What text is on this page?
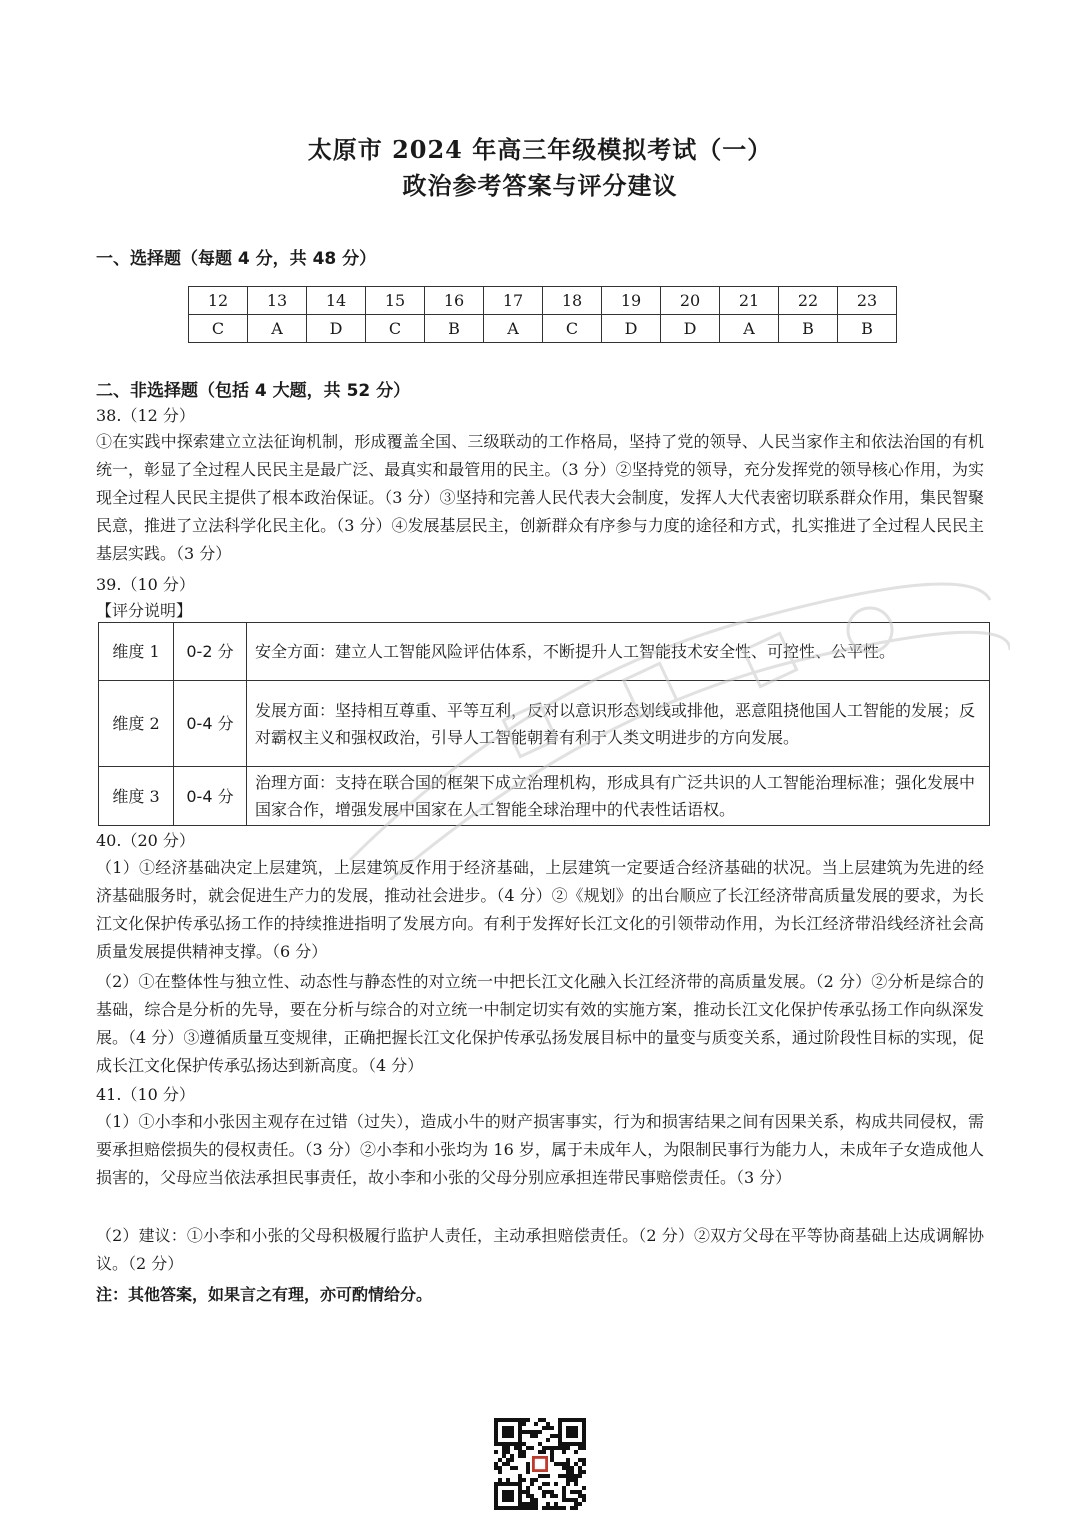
太原市 2024 年高三年级模拟考试（一）
政治参考答案与评分建议
一、选择题（每题 4 分，共 48 分）
12	13	14	15	16	17	18	19	20	21	22	23
C	A	D	C	B	A	C	D	D	A	B	B
二、非选择题（包括 4 大题，共 52 分）
38.（12 分）

①在实践中探索建立立法征询机制，形成覆盖全国、三级联动的工作格局，坚持了党的领导、人民当家作主和依法治国的有机统一，彰显了全过程人民民主是最广泛、最真实和最管用的民主。（3 分）②坚持党的领导，充分发挥党的领导核心作用，为实现全过程人民民主提供了根本政治保证。（3 分）③坚持和完善人民代表大会制度，发挥人大代表密切联系群众作用，集民智聚民意，推进了立法科学化民主化。（3 分）④发展基层民主，创新群众有序参与力度的途径和方式，扎实推进了全过程人民民主基层实践。（3 分）

39.（10 分）
【评分说明】
维度 1	0-2 分	安全方面：建立人工智能风险评估体系，不断提升人工智能技术安全性、可控性、公平性。
维度 2	0-4 分	发展方面：坚持相互尊重、平等互利，反对以意识形态划线或排他，恶意阻挠他国人工智能的发展；反对霸权主义和强权政治，引导人工智能朝着有利于人类文明进步的方向发展。
维度 3	0-4 分	治理方面：支持在联合国的框架下成立治理机构，形成具有广泛共识的人工智能治理标准；强化发展中国家合作，增强发展中国家在人工智能全球治理中的代表性话语权。
40.（20 分）

（1）①经济基础决定上层建筑，上层建筑反作用于经济基础，上层建筑一定要适合经济基础的状况。当上层建筑为先进的经济基础服务时，就会促进生产力的发展，推动社会进步。（4 分）②《规划》的出台顺应了长江经济带高质量发展的要求，为长江文化保护传承弘扬工作的持续推进指明了发展方向。有利于发挥好长江文化的引领带动作用，为长江经济带沿线经济社会高质量发展提供精神支撑。（6 分）

（2）①在整体性与独立性、动态性与静态性的对立统一中把长江文化融入长江经济带的高质量发展。（2 分）②分析是综合的基础，综合是分析的先导，要在分析与综合的对立统一中制定切实有效的实施方案，推动长江文化保护传承弘扬工作向纵深发展。（4 分）③遵循质量互变规律，正确把握长江文化保护传承弘扬发展目标中的量变与质变关系，通过阶段性目标的实现，促成长江文化保护传承弘扬达到新高度。（4 分）

41.（10 分）

（1）①小李和小张因主观存在过错（过失），造成小牛的财产损害事实，行为和损害结果之间有因果关系，构成共同侵权，需要承担赔偿损失的侵权责任。（3 分）②小李和小张均为 16 岁，属于未成年人，为限制民事行为能力人，未成年子女造成他人损害的，父母应当依法承担民事责任，故小李和小张的父母分别应承担连带民事赔偿责任。（3 分）

（2）建议：①小李和小张的父母积极履行监护人责任，主动承担赔偿责任。（2 分）②双方父母在平等协商基础上达成调解协议。（2 分）

注：其他答案，如果言之有理，亦可酌情给分。
